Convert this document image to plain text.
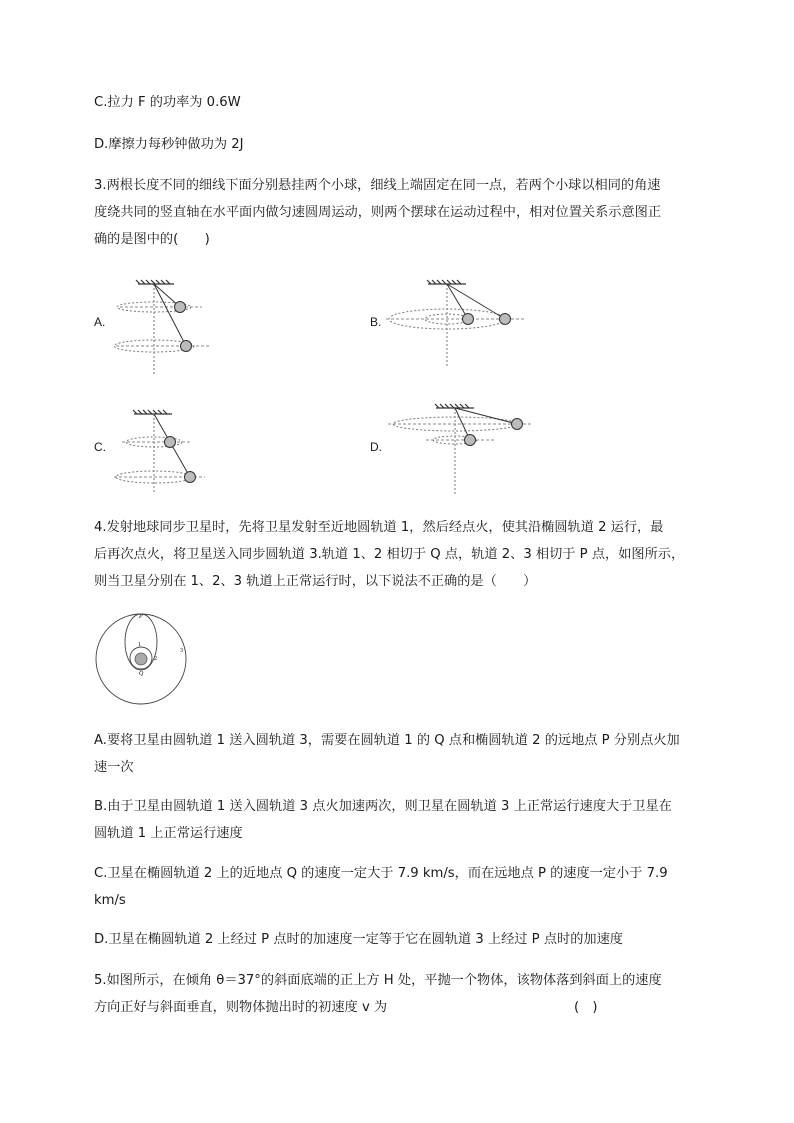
C.拉力 F 的功率为 0.6W
D.摩擦力每秒钟做功为 2J
3.两根长度不同的细线下面分别悬挂两个小球，细线上端固定在同一点，若两个小球以相同的角速
度绕共同的竖直轴在水平面内做匀速圆周运动，则两个摆球在运动过程中，相对位置关系示意图正
确的是图中的(　　)
A.	B.
C.	D.
4.发射地球同步卫星时，先将卫星发射至近地圆轨道 1，然后经点火，使其沿椭圆轨道 2 运行，最
后再次点火，将卫星送入同步圆轨道 3.轨道 1、2 相切于 Q 点，轨道 2、3 相切于 P 点，如图所示，
则当卫星分别在 1、2、3 轨道上正常运行时，以下说法不正确的是（　　）
P
Q
1
2
3
A.要将卫星由圆轨道 1 送入圆轨道 3，需要在圆轨道 1 的 Q 点和椭圆轨道 2 的远地点 P 分别点火加
速一次
B.由于卫星由圆轨道 1 送入圆轨道 3 点火加速两次，则卫星在圆轨道 3 上正常运行速度大于卫星在
圆轨道 1 上正常运行速度
C.卫星在椭圆轨道 2 上的近地点 Q 的速度一定大于 7.9 km/s，而在远地点 P 的速度一定小于 7.9
km/s
D.卫星在椭圆轨道 2 上经过 P 点时的加速度一定等于它在圆轨道 3 上经过 P 点时的加速度
5.如图所示，在倾角 θ＝37°的斜面底端的正上方 H 处，平抛一个物体，该物体落到斜面上的速度
方向正好与斜面垂直，则物体抛出时的初速度 v 为	(　)
